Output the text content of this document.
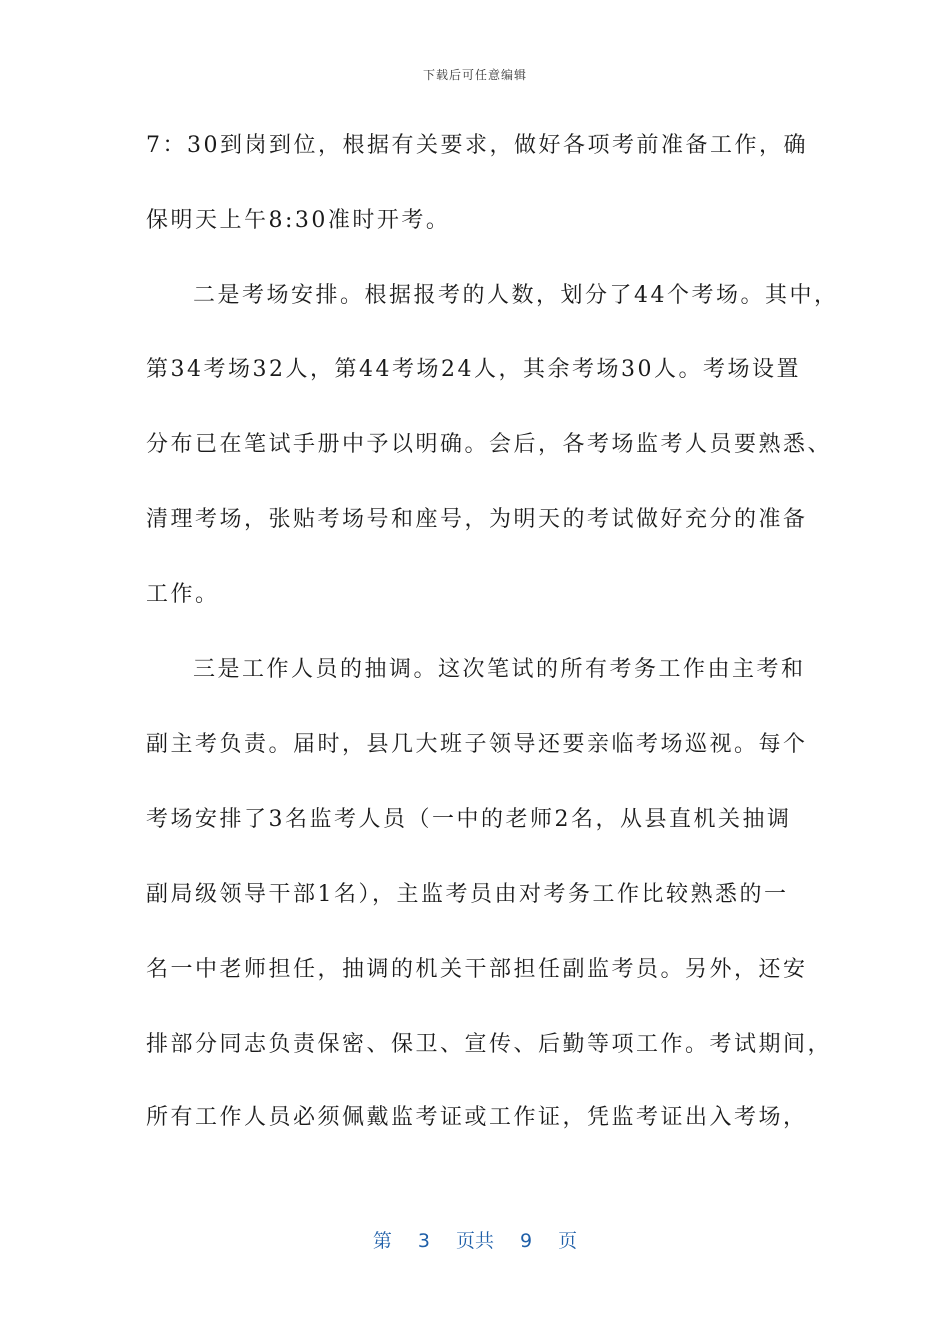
下载后可任意编辑
7：30到岗到位，根据有关要求，做好各项考前准备工作，确
保明天上午8:30准时开考。
二是考场安排。根据报考的人数，划分了44个考场。其中，
第34考场32人，第44考场24人，其余考场30人。考场设置
分布已在笔试手册中予以明确。会后，各考场监考人员要熟悉、
清理考场，张贴考场号和座号，为明天的考试做好充分的准备
工作。
三是工作人员的抽调。这次笔试的所有考务工作由主考和
副主考负责。届时，县几大班子领导还要亲临考场巡视。每个
考场安排了3名监考人员（一中的老师2名，从县直机关抽调
副局级领导干部1名），主监考员由对考务工作比较熟悉的一
名一中老师担任，抽调的机关干部担任副监考员。另外，还安
排部分同志负责保密、保卫、宣传、后勤等项工作。考试期间，
所有工作人员必须佩戴监考证或工作证，凭监考证出入考场，
第 3 页共 9 页
